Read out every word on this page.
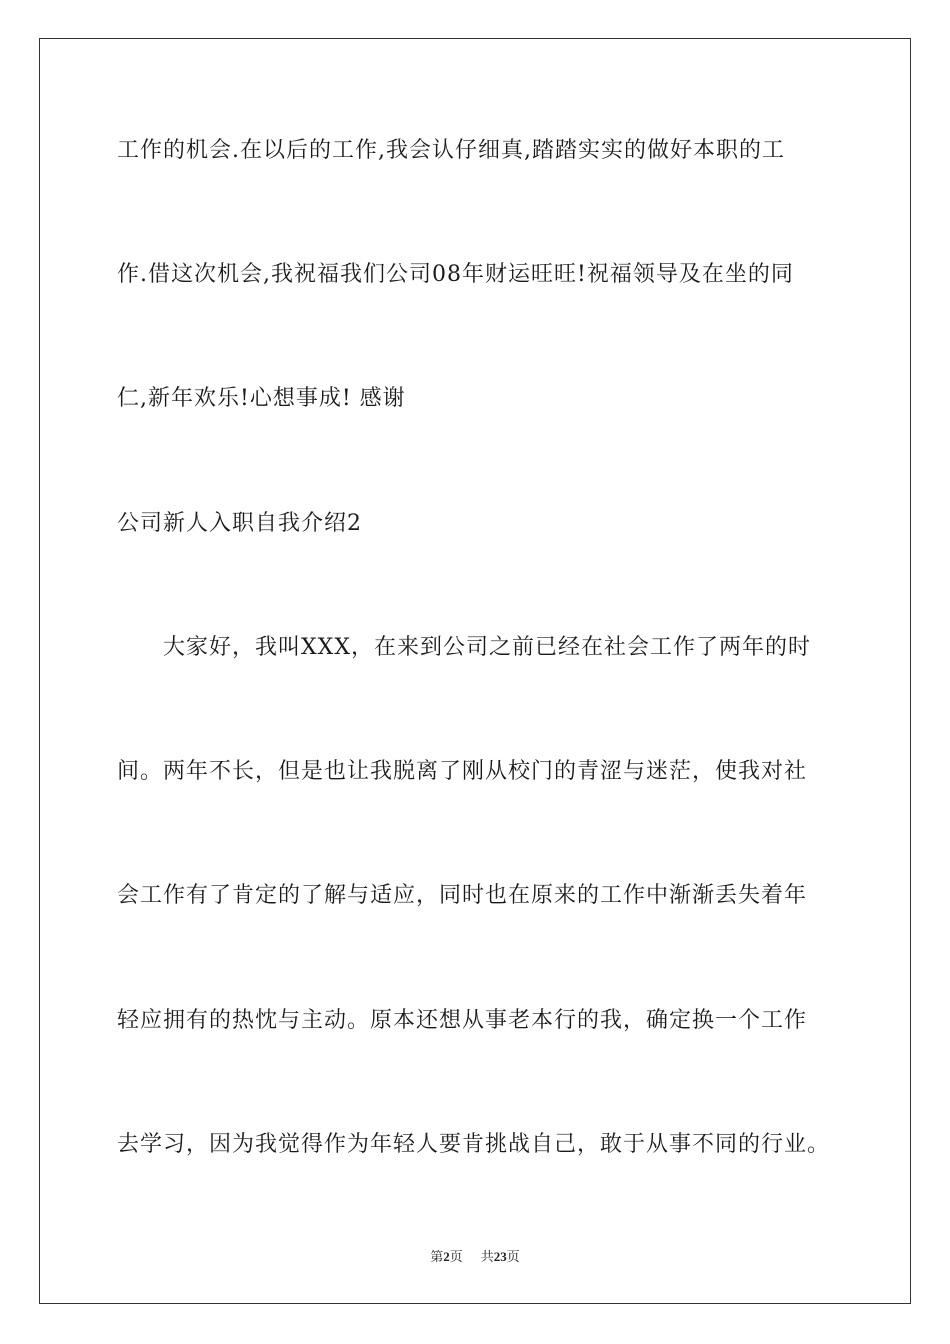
工作的机会.在以后的工作,我会认仔细真,踏踏实实的做好本职的工
作.借这次机会,我祝福我们公司08年财运旺旺!祝福领导及在坐的同
仁,新年欢乐!心想事成! 感谢
公司新人入职自我介绍2
大家好，我叫XXX，在来到公司之前已经在社会工作了两年的时
间。两年不长，但是也让我脱离了刚从校门的青涩与迷茫，使我对社
会工作有了肯定的了解与适应，同时也在原来的工作中渐渐丢失着年
轻应拥有的热忱与主动。原本还想从事老本行的我，确定换一个工作
去学习，因为我觉得作为年轻人要肯挑战自己，敢于从事不同的行业。
第2页 共23页
